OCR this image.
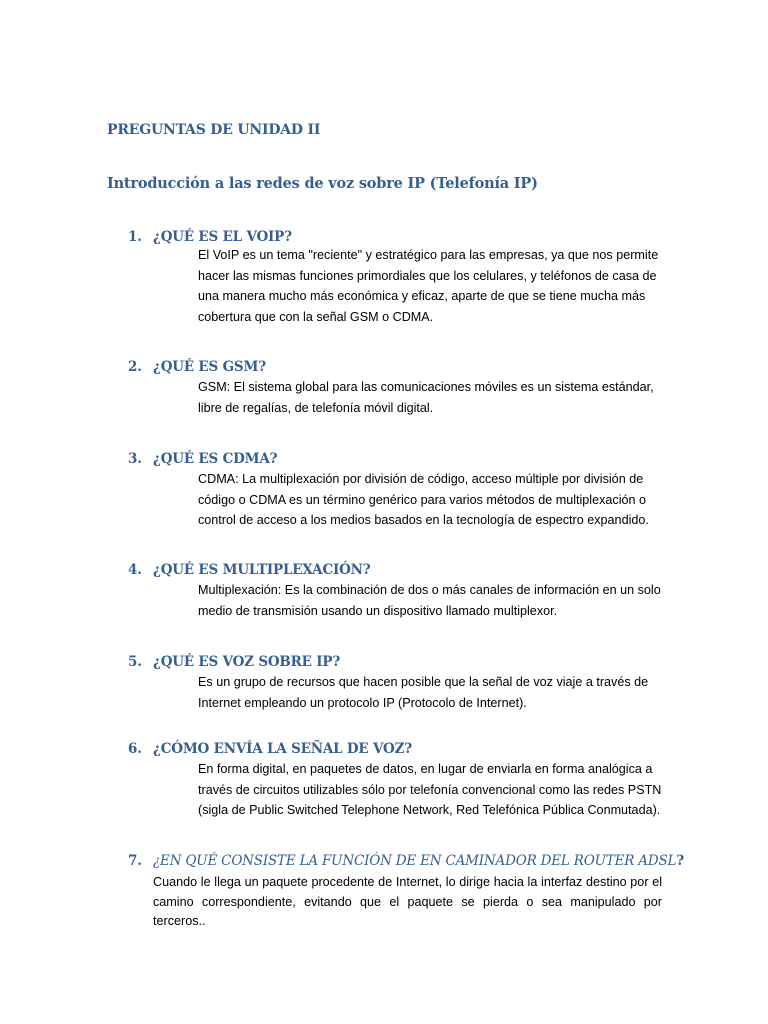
PREGUNTAS DE UNIDAD II
Introducción a las redes de voz sobre IP (Telefonía IP)
1. ¿QUÉ ES EL VOIP?
El VoIP es un tema "reciente" y estratégico para las empresas, ya que nos permite
hacer las mismas funciones primordiales que los celulares, y teléfonos de casa de
una manera mucho más económica y eficaz, aparte de que se tiene mucha más
cobertura que con la señal GSM o CDMA.
2. ¿QUÉ ES GSM?
GSM: El sistema global para las comunicaciones móviles es un sistema estándar,
libre de regalías, de telefonía móvil digital.
3. ¿QUÉ ES CDMA?
CDMA: La multiplexación por división de código, acceso múltiple por división de
código o CDMA es un término genérico para varios métodos de multiplexación o
control de acceso a los medios basados en la tecnología de espectro expandido.
4. ¿QUÉ ES MULTIPLEXACIÓN?
Multiplexación: Es la combinación de dos o más canales de información en un solo
medio de transmisión usando un dispositivo llamado multiplexor.
5. ¿QUÉ ES VOZ SOBRE IP?
Es un grupo de recursos que hacen posible que la señal de voz viaje a través de
Internet empleando un protocolo IP (Protocolo de Internet).
6. ¿CÓMO ENVÍA LA SEÑAL DE VOZ?
En forma digital, en paquetes de datos, en lugar de enviarla en forma analógica a
través de circuitos utilizables sólo por telefonía convencional como las redes PSTN
(sigla de Public Switched Telephone Network, Red Telefónica Pública Conmutada).
7. ¿EN QUÉ CONSISTE LA FUNCIÓN DE EN CAMINADOR DEL ROUTER ADSL?
Cuando le llega un paquete procedente de Internet, lo dirige hacia la interfaz destino por el camino correspondiente, evitando que el paquete se pierda o sea manipulado por terceros..
